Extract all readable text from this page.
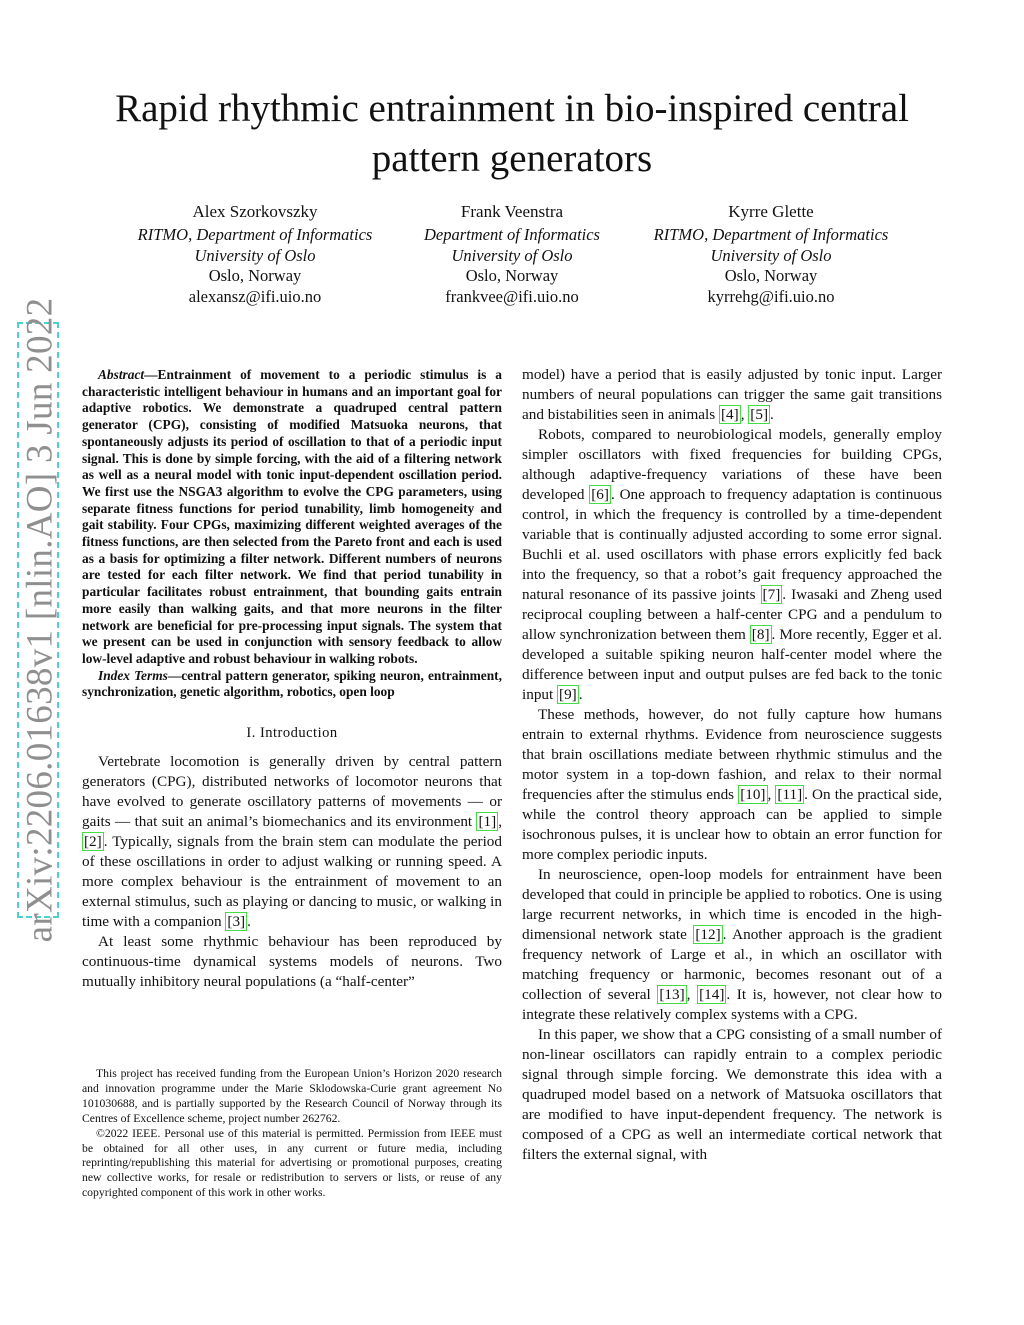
arXiv:2206.01638v1 [nlin.AO] 3 Jun 2022
Rapid rhythmic entrainment in bio-inspired central pattern generators
Alex Szorkovszky
RITMO, Department of Informatics
University of Oslo
Oslo, Norway
alexansz@ifi.uio.no
Frank Veenstra
Department of Informatics
University of Oslo
Oslo, Norway
frankvee@ifi.uio.no
Kyrre Glette
RITMO, Department of Informatics
University of Oslo
Oslo, Norway
kyrrehg@ifi.uio.no

Abstract—Entrainment of movement to a periodic stimulus is a characteristic intelligent behaviour in humans and an important goal for adaptive robotics. We demonstrate a quadruped central pattern generator (CPG), consisting of modified Matsuoka neurons, that spontaneously adjusts its period of oscillation to that of a periodic input signal. This is done by simple forcing, with the aid of a filtering network as well as a neural model with tonic input-dependent oscillation period. We first use the NSGA3 algorithm to evolve the CPG parameters, using separate fitness functions for period tunability, limb homogeneity and gait stability. Four CPGs, maximizing different weighted averages of the fitness functions, are then selected from the Pareto front and each is used as a basis for optimizing a filter network. Different numbers of neurons are tested for each filter network. We find that period tunability in particular facilitates robust entrainment, that bounding gaits entrain more easily than walking gaits, and that more neurons in the filter network are beneficial for pre-processing input signals. The system that we present can be used in conjunction with sensory feedback to allow low-level adaptive and robust behaviour in walking robots.

Index Terms—central pattern generator, spiking neuron, entrainment, synchronization, genetic algorithm, robotics, open loop

I. Introduction

Vertebrate locomotion is generally driven by central pattern generators (CPG), distributed networks of locomotor neurons that have evolved to generate oscillatory patterns of movements — or gaits — that suit an animal’s biomechanics and its environment [1] , [2] . Typically, signals from the brain stem can modulate the period of these oscillations in order to adjust walking or running speed. A more complex behaviour is the entrainment of movement to an external stimulus, such as playing or dancing to music, or walking in time with a companion [3] .

At least some rhythmic behaviour has been reproduced by continuous-time dynamical systems models of neurons. Two mutually inhibitory neural populations (a “half-center”

This project has received funding from the European Union’s Horizon 2020 research and innovation programme under the Marie Sklodowska-Curie grant agreement No 101030688, and is partially supported by the Research Council of Norway through its Centres of Excellence scheme, project number 262762.

©2022 IEEE. Personal use of this material is permitted. Permission from IEEE must be obtained for all other uses, in any current or future media, including reprinting/republishing this material for advertising or promotional purposes, creating new collective works, for resale or redistribution to servers or lists, or reuse of any copyrighted component of this work in other works.

model) have a period that is easily adjusted by tonic input. Larger numbers of neural populations can trigger the same gait transitions and bistabilities seen in animals [4] , [5] .

Robots, compared to neurobiological models, generally employ simpler oscillators with fixed frequencies for building CPGs, although adaptive-frequency variations of these have been developed [6] . One approach to frequency adaptation is continuous control, in which the frequency is controlled by a time-dependent variable that is continually adjusted according to some error signal. Buchli et al. used oscillators with phase errors explicitly fed back into the frequency, so that a robot’s gait frequency approached the natural resonance of its passive joints [7] . Iwasaki and Zheng used reciprocal coupling between a half-center CPG and a pendulum to allow synchronization between them [8] . More recently, Egger et al. developed a suitable spiking neuron half-center model where the difference between input and output pulses are fed back to the tonic input [9] .

These methods, however, do not fully capture how humans entrain to external rhythms. Evidence from neuroscience suggests that brain oscillations mediate between rhythmic stimulus and the motor system in a top-down fashion, and relax to their normal frequencies after the stimulus ends [10] , [11] . On the practical side, while the control theory approach can be applied to simple isochronous pulses, it is unclear how to obtain an error function for more complex periodic inputs.

In neuroscience, open-loop models for entrainment have been developed that could in principle be applied to robotics. One is using large recurrent networks, in which time is encoded in the high-dimensional network state [12] . Another approach is the gradient frequency network of Large et al., in which an oscillator with matching frequency or harmonic, becomes resonant out of a collection of several [13] , [14] . It is, however, not clear how to integrate these relatively complex systems with a CPG.

In this paper, we show that a CPG consisting of a small number of non-linear oscillators can rapidly entrain to a complex periodic signal through simple forcing. We demonstrate this idea with a quadruped model based on a network of Matsuoka oscillators that are modified to have input-dependent frequency. The network is composed of a CPG as well an intermediate cortical network that filters the external signal, with
